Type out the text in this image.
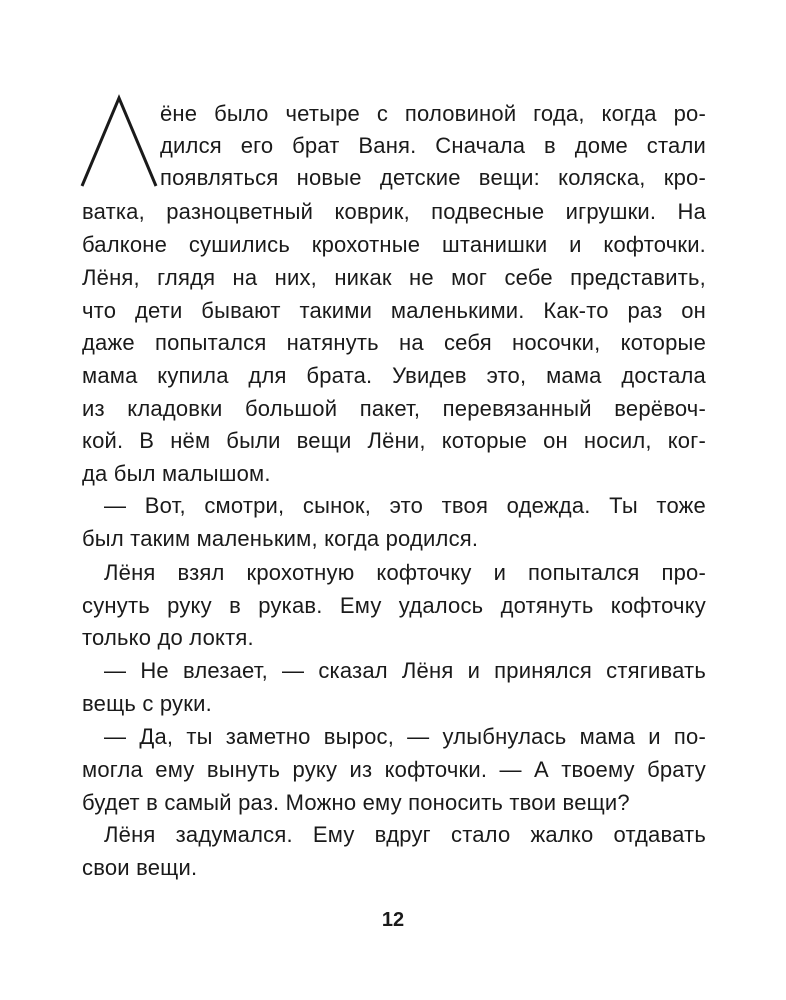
ёне было четыре с половиной года, когда ро-
дился его брат Ваня. Сначала в доме стали
появляться новые детские вещи: коляска, кро-
ватка, разноцветный коврик, подвесные игрушки. На
балконе сушились крохотные штанишки и кофточки.
Лёня, глядя на них, никак не мог себе представить,
что дети бывают такими маленькими. Как-то раз он
даже попытался натянуть на себя носочки, которые
мама купила для брата. Увидев это, мама достала
из кладовки большой пакет, перевязанный верёвоч-
кой. В нём были вещи Лёни, которые он носил, ког-
да был малышом.
— Вот, смотри, сынок, это твоя одежда. Ты тоже
был таким маленьким, когда родился.
Лёня взял крохотную кофточку и попытался про-
сунуть руку в рукав. Ему удалось дотянуть кофточку
только до локтя.
— Не влезает, — сказал Лёня и принялся стягивать
вещь с руки.
— Да, ты заметно вырос, — улыбнулась мама и по-
могла ему вынуть руку из кофточки. — А твоему брату
будет в самый раз. Можно ему поносить твои вещи?
Лёня задумался. Ему вдруг стало жалко отдавать
свои вещи.
12
